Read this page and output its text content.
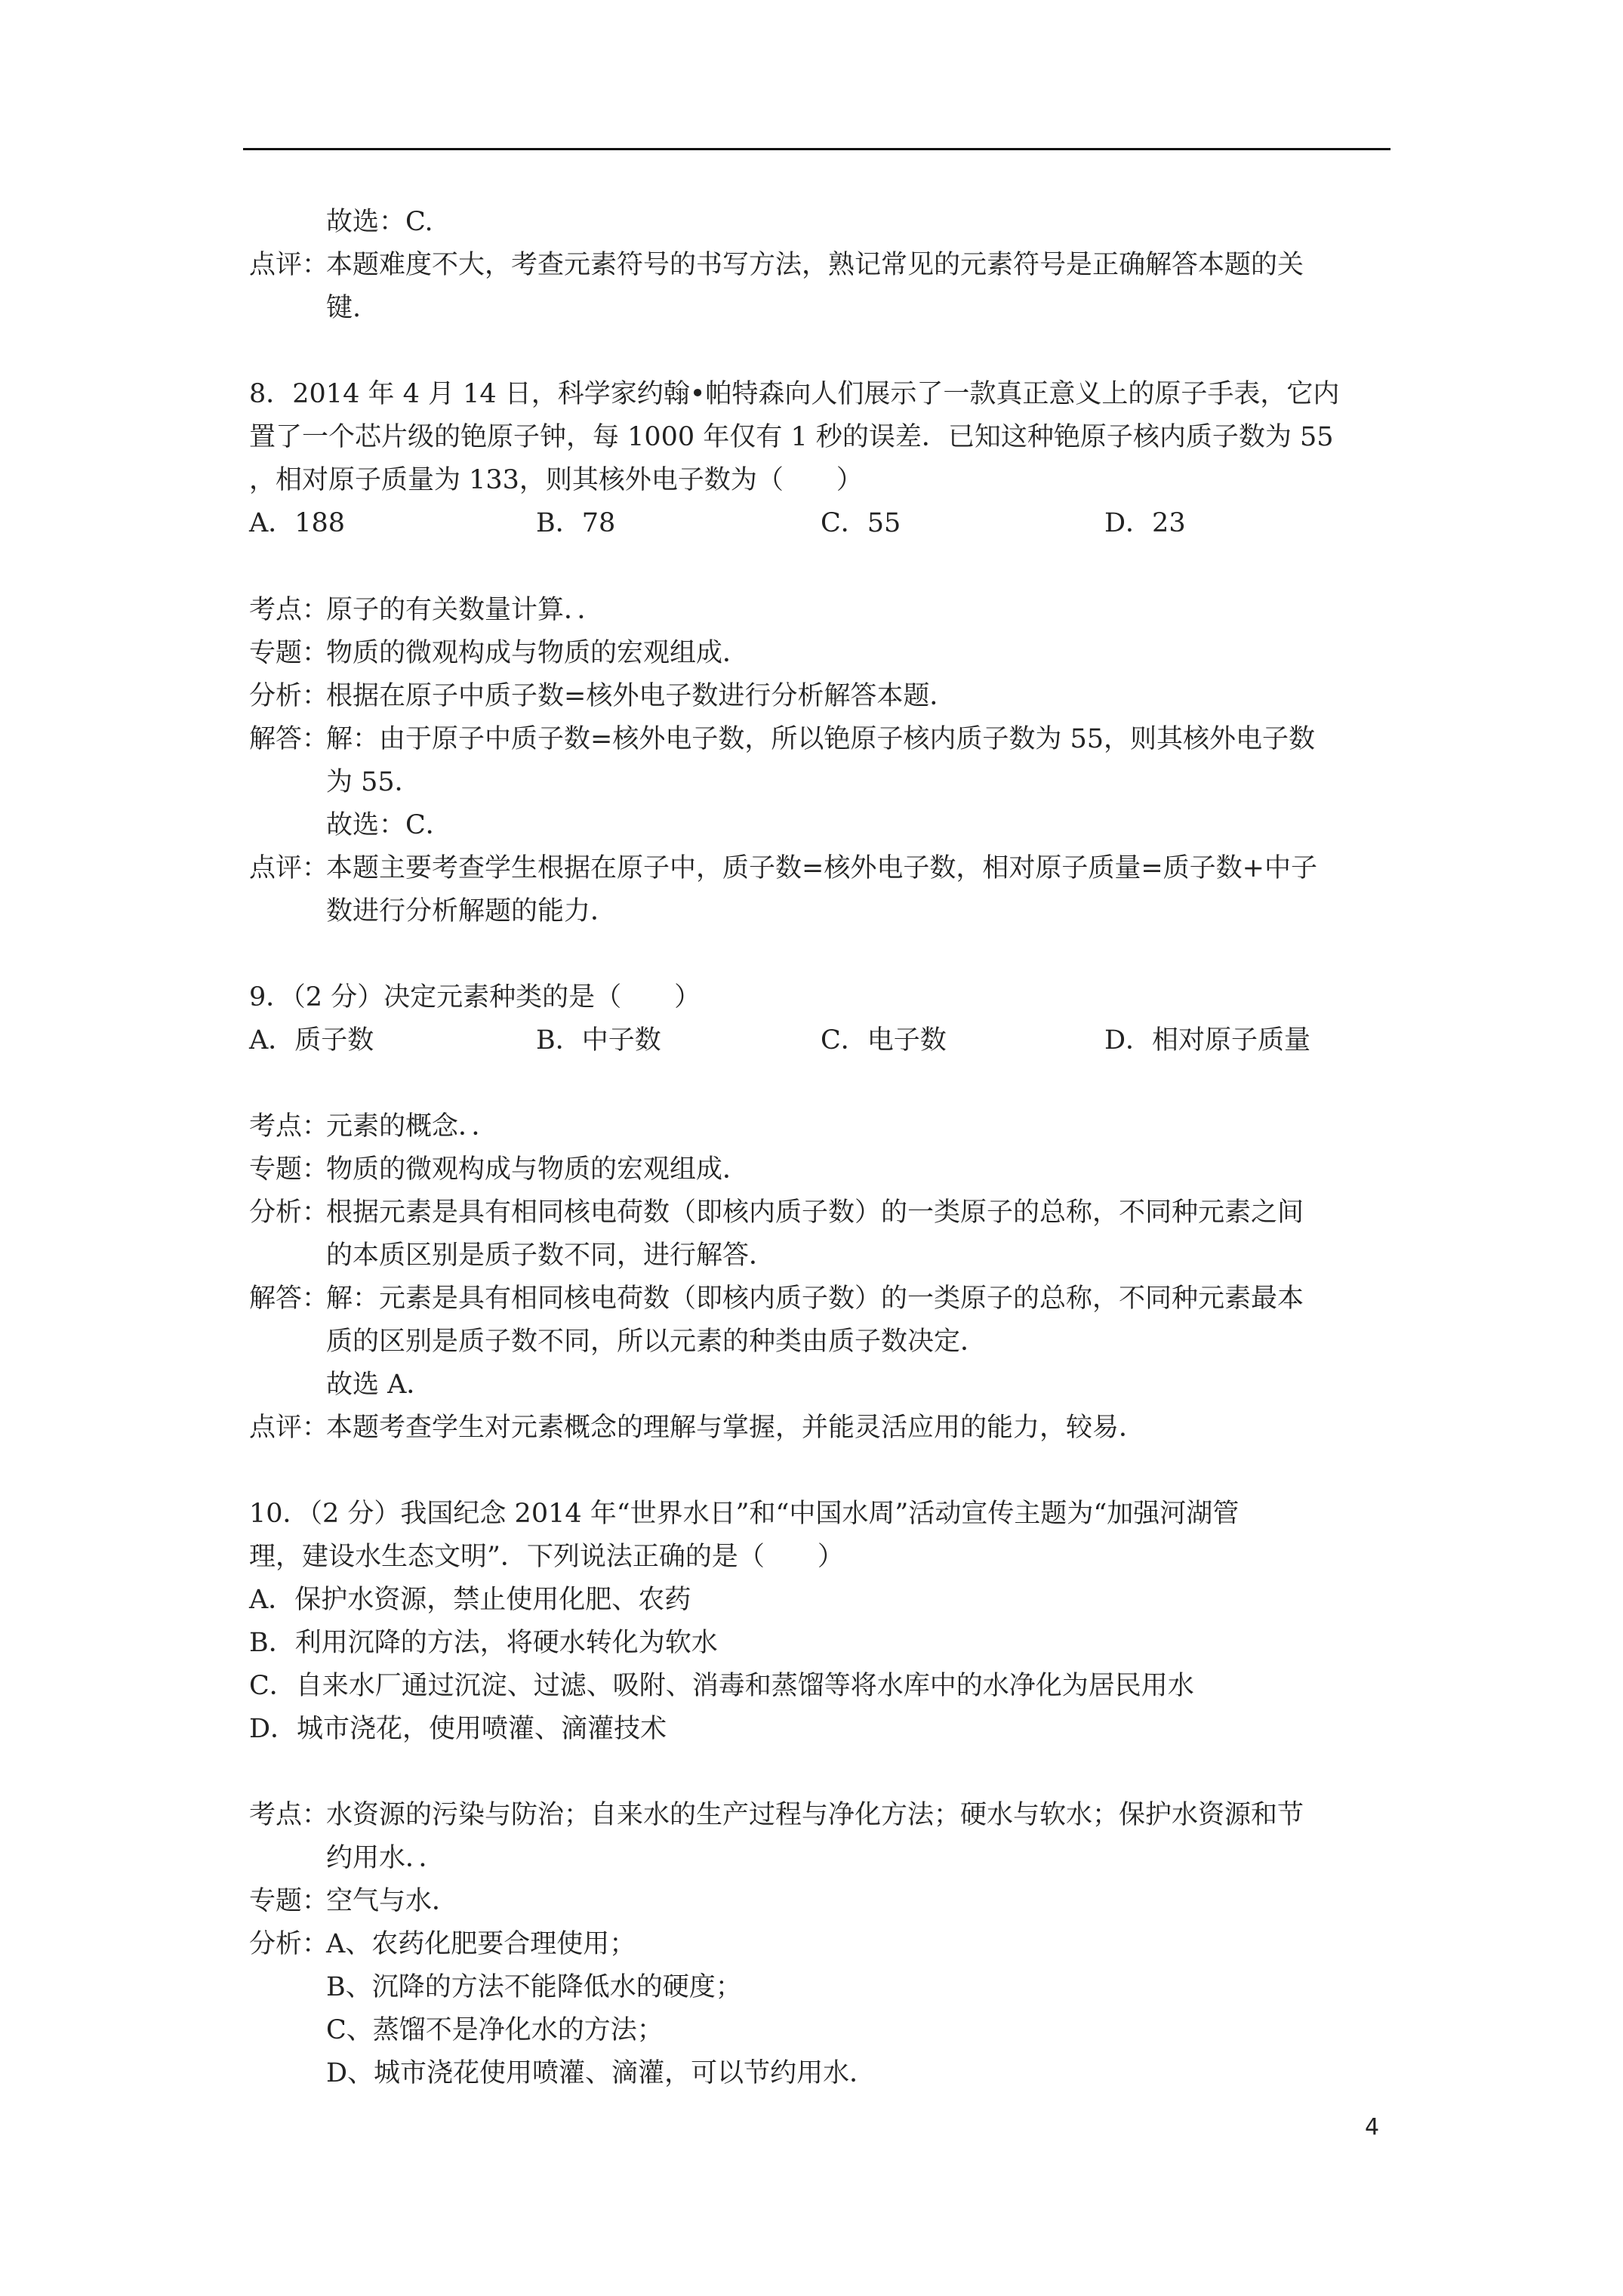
故选：C.
点评：
本题难度不大，考查元素符号的书写方法，熟记常见的元素符号是正确解答本题的关
键.
8．2014 年 4 月 14 日，科学家约翰•帕特森向人们展示了一款真正意义上的原子手表，它内
置了一个芯片级的铯原子钟，每 1000 年仅有 1 秒的误差．已知这种铯原子核内质子数为 55
，相对原子质量为 133，则其核外电子数为（　　）
A．188	B．78	C．55	D．23
考点：
原子的有关数量计算．．
专题：
物质的微观构成与物质的宏观组成．
分析：
根据在原子中质子数=核外电子数进行分析解答本题．
解答：
解：由于原子中质子数=核外电子数，所以铯原子核内质子数为 55，则其核外电子数
为 55．
故选：C．
点评：
本题主要考查学生根据在原子中，质子数=核外电子数，相对原子质量=质子数+中子
数进行分析解题的能力．
9．（2 分）决定元素种类的是（　　）
A．质子数	B．中子数	C．电子数	D．相对原子质量
考点：
元素的概念．．
专题：
物质的微观构成与物质的宏观组成．
分析：
根据元素是具有相同核电荷数（即核内质子数）的一类原子的总称，不同种元素之间
的本质区别是质子数不同，进行解答．
解答：
解：元素是具有相同核电荷数（即核内质子数）的一类原子的总称，不同种元素最本
质的区别是质子数不同，所以元素的种类由质子数决定．
故选 A．
点评：
本题考查学生对元素概念的理解与掌握，并能灵活应用的能力，较易．
10．（2 分）我国纪念 2014 年“世界水日”和“中国水周”活动宣传主题为“加强河湖管
理，建设水生态文明”．下列说法正确的是（　　）
A．保护水资源，禁止使用化肥、农药
B．利用沉降的方法，将硬水转化为软水
C．自来水厂通过沉淀、过滤、吸附、消毒和蒸馏等将水库中的水净化为居民用水
D．城市浇花，使用喷灌、滴灌技术
考点：
水资源的污染与防治；自来水的生产过程与净化方法；硬水与软水；保护水资源和节
约用水．．
专题：
空气与水．
分析：
A、农药化肥要合理使用；
B、沉降的方法不能降低水的硬度；
C、蒸馏不是净化水的方法；
D、城市浇花使用喷灌、滴灌，可以节约用水．
4
